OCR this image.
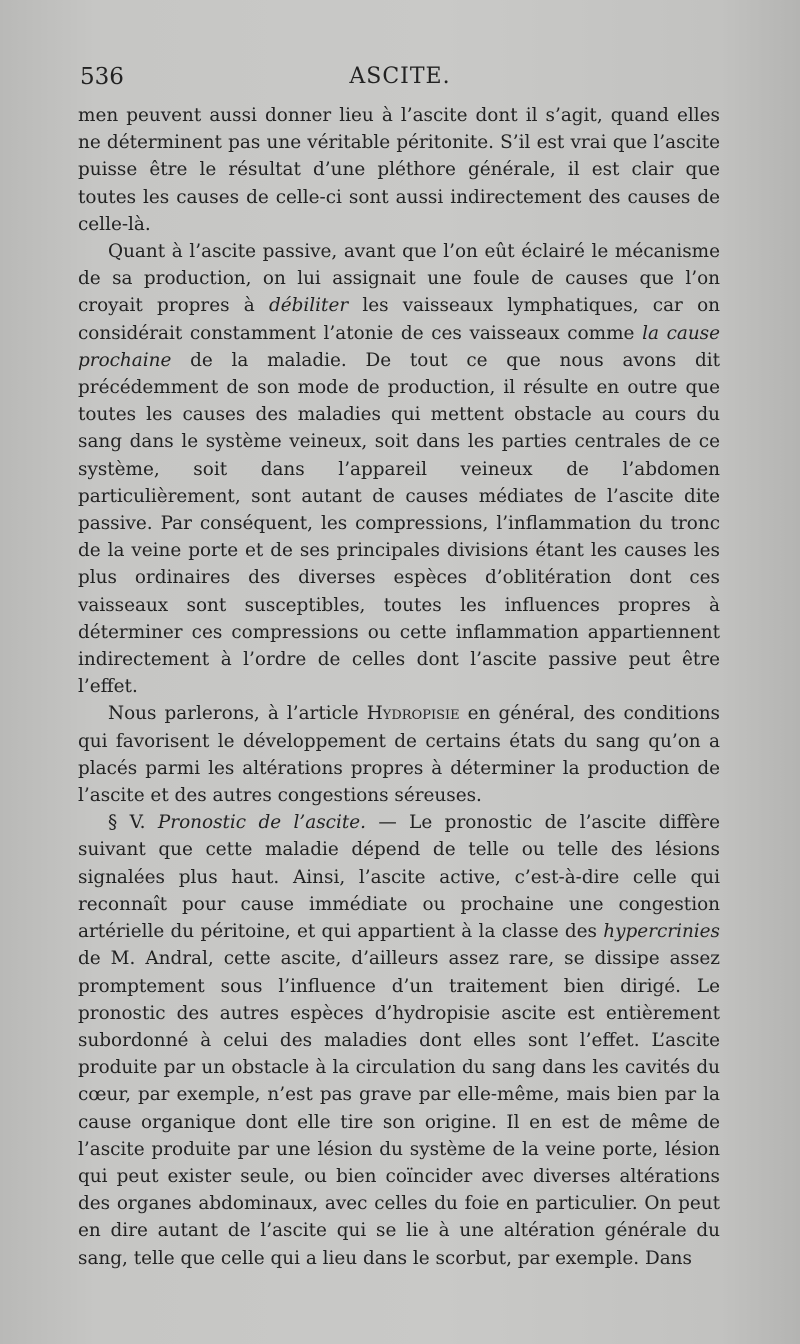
536	ASCITE.

men peuvent aussi donner lieu à l’ascite dont il s’agit, quand elles ne déterminent pas une véritable péritonite. S’il est vrai que l’ascite puisse être le résultat d’une pléthore générale, il est clair que toutes les causes de celle-ci sont aussi indirectement des causes de celle-là.

Quant à l’ascite passive, avant que l’on eût éclairé le mécanisme de sa production, on lui assignait une foule de causes que l’on croyait propres à débiliter les vaisseaux lymphatiques, car on considérait constamment l’atonie de ces vaisseaux comme la cause prochaine de la maladie. De tout ce que nous avons dit précédemment de son mode de production, il résulte en outre que toutes les causes des maladies qui mettent obstacle au cours du sang dans le système veineux, soit dans les parties centrales de ce système, soit dans l’appareil veineux de l’abdomen particulièrement, sont autant de causes médiates de l’ascite dite passive. Par conséquent, les compressions, l’inflammation du tronc de la veine porte et de ses principales divisions étant les causes les plus ordinaires des diverses espèces d’oblitération dont ces vaisseaux sont susceptibles, toutes les influences propres à déterminer ces compressions ou cette inflammation appartiennent indirectement à l’ordre de celles dont l’ascite passive peut être l’effet.

Nous parlerons, à l’article Hydropisie en général, des conditions qui favorisent le développement de certains états du sang qu’on a placés parmi les altérations propres à déterminer la production de l’ascite et des autres congestions séreuses.

§ V. Pronostic de l’ascite. — Le pronostic de l’ascite diffère suivant que cette maladie dépend de telle ou telle des lésions signalées plus haut. Ainsi, l’ascite active, c’est-à-dire celle qui reconnaît pour cause immédiate ou prochaine une congestion artérielle du péritoine, et qui appartient à la classe des hypercrinies de M. Andral, cette ascite, d’ailleurs assez rare, se dissipe assez promptement sous l’influence d’un traitement bien dirigé. Le pronostic des autres espèces d’hydropisie ascite est entièrement subordonné à celui des maladies dont elles sont l’effet. L’ascite produite par un obstacle à la circulation du sang dans les cavités du cœur, par exemple, n’est pas grave par elle-même, mais bien par la cause organique dont elle tire son origine. Il en est de même de l’ascite produite par une lésion du système de la veine porte, lésion qui peut exister seule, ou bien coïncider avec diverses altérations des organes abdominaux, avec celles du foie en particulier. On peut en dire autant de l’ascite qui se lie à une altération générale du sang, telle que celle qui a lieu dans le scorbut, par exemple. Dans
